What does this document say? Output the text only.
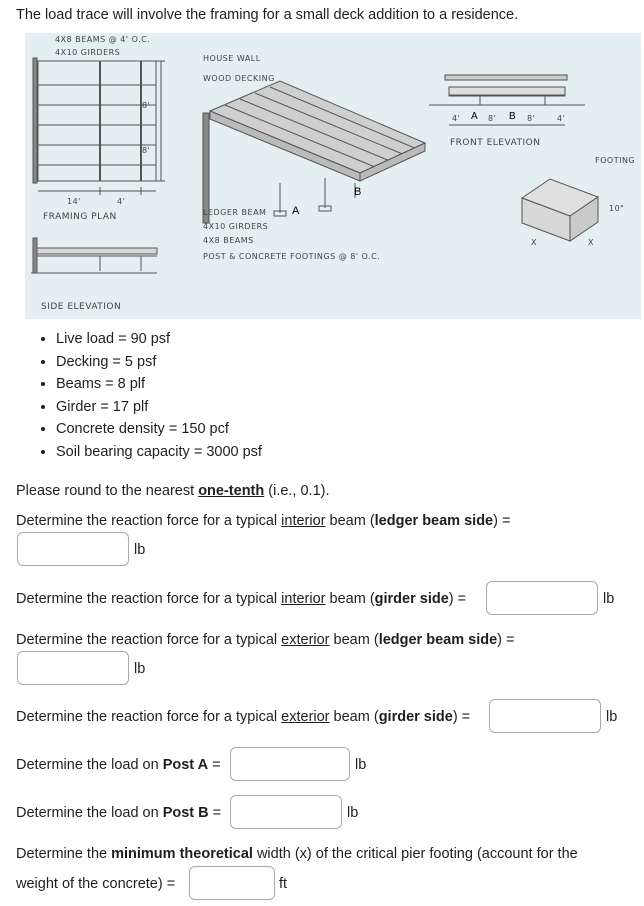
The load trace will involve the framing for a small deck addition to a residence.
4X8 BEAMS @ 4' O.C.
4X10 GIRDERS
14'	4'
8'
8'
FRAMING PLAN
SIDE ELEVATION
HOUSE WALL
WOOD DECKING
LEDGER BEAM
4X10 GIRDERS
4X8 BEAMS
POST & CONCRETE FOOTINGS @ 8' O.C.
A
B
4' A 8' B 8'	4'
FRONT ELEVATION
FOOTING
10"
X	X
• Live load = 90 psf
• Decking = 5 psf
• Beams = 8 plf
• Girder = 17 plf
• Concrete density = 150 pcf
• Soil bearing capacity = 3000 psf
Please round to the nearest one-tenth (i.e., 0.1).
Determine the reaction force for a typical interior beam (ledger beam side) =
lb
Determine the reaction force for a typical interior beam (girder side) =	lb
Determine the reaction force for a typical exterior beam (ledger beam side) =
lb
Determine the reaction force for a typical exterior beam (girder side) =	lb
Determine the load on Post A =	lb
Determine the load on Post B =	lb
Determine the minimum theoretical width (x) of the critical pier footing (account for the
weight of the concrete) =	ft
